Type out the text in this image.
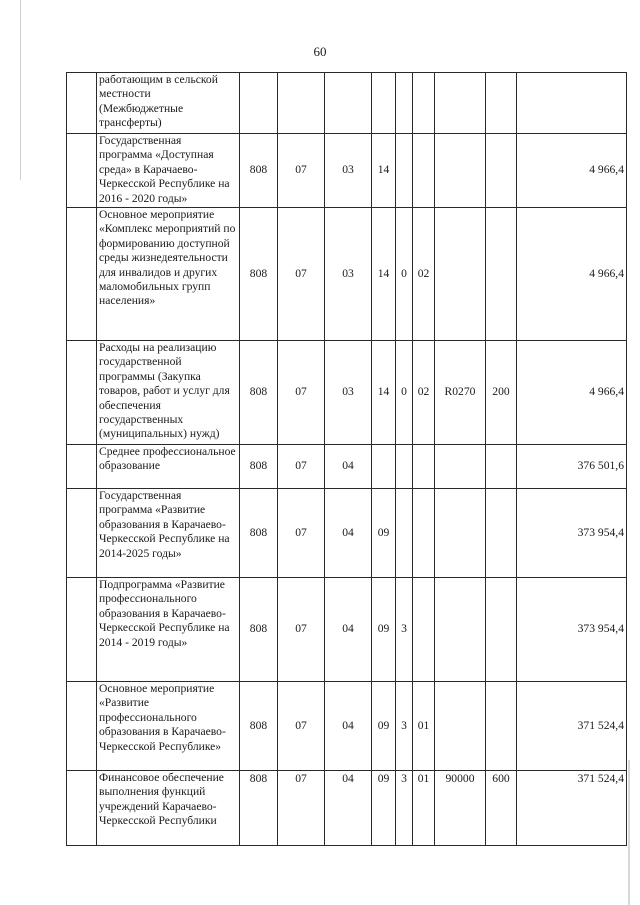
60
	работающим в сельской местности (Межбюджетные трансферты)									
	Государственная программа «Доступная среда» в Карачаево-Черкесской Республике на 2016 - 2020 годы»	808	07	03	14					4 966,4
	Основное мероприятие «Комплекс мероприятий по формированию доступной среды жизнедеятельности для инвалидов и других маломобильных групп населения»	808	07	03	14	0	02			4 966,4
	Расходы на реализацию государственной программы (Закупка товаров, работ и услуг для обеспечения государственных (муниципальных) нужд)	808	07	03	14	0	02	R0270	200	4 966,4
	Среднее профессиональное образование	808	07	04						376 501,6
	Государственная программа «Развитие образования в Карачаево-Черкесской Республике на 2014-2025 годы»	808	07	04	09					373 954,4
	Подпрограмма «Развитие профессионального образования в Карачаево-Черкесской Республике на 2014 - 2019 годы»	808	07	04	09	3				373 954,4
	Основное мероприятие «Развитие профессионального образования в Карачаево-Черкесской Республике»	808	07	04	09	3	01			371 524,4
	Финансовое обеспечение выполнения функций учреждений Карачаево-Черкесской Республики	808	07	04	09	3	01	90000	600	371 524,4
